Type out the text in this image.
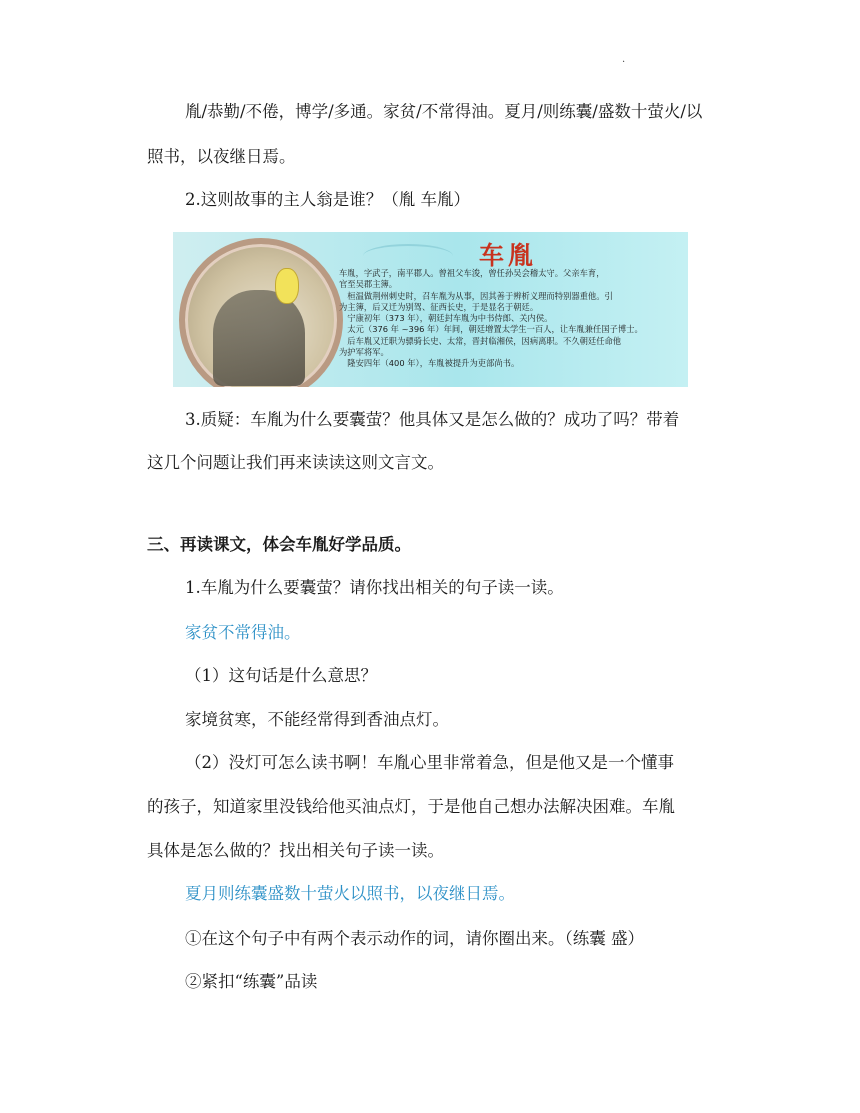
.
胤/恭勤/不倦，博学/多通。家贫/不常得油。夏月/则练囊/盛数十萤火/以
照书，以夜继日焉。
2.这则故事的主人翁是谁？（胤 车胤）
车胤
车胤，字武子，南平郡人。曾祖父车浚，曾任孙吴会稽太守。父亲车育，
官至吴郡主簿。
　桓温做荆州刺史时，召车胤为从事，因其善于辨析义理而特别器重他。引
为主簿，后又迁为别驾、征西长史，于是显名于朝廷。
　宁康初年（373 年），朝廷封车胤为中书侍郎、关内侯。
　太元（376 年 ~396 年）年间，朝廷增置太学生一百人，让车胤兼任国子博士。
　后车胤又迁职为骠骑长史、太常，晋封临湘侯，因病离职。不久朝廷任命他
为护军将军。
　隆安四年（400 年），车胤被提升为吏部尚书。
3.质疑：车胤为什么要囊萤？他具体又是怎么做的？成功了吗？带着
这几个问题让我们再来读读这则文言文。
三、再读课文，体会车胤好学品质。
1.车胤为什么要囊萤？请你找出相关的句子读一读。
家贫不常得油。
（1）这句话是什么意思？
家境贫寒，不能经常得到香油点灯。
（2）没灯可怎么读书啊！车胤心里非常着急，但是他又是一个懂事
的孩子，知道家里没钱给他买油点灯，于是他自己想办法解决困难。车胤
具体是怎么做的？找出相关句子读一读。
夏月则练囊盛数十萤火以照书，以夜继日焉。
①在这个句子中有两个表示动作的词，请你圈出来。（练囊 盛）
②紧扣“练囊”品读
